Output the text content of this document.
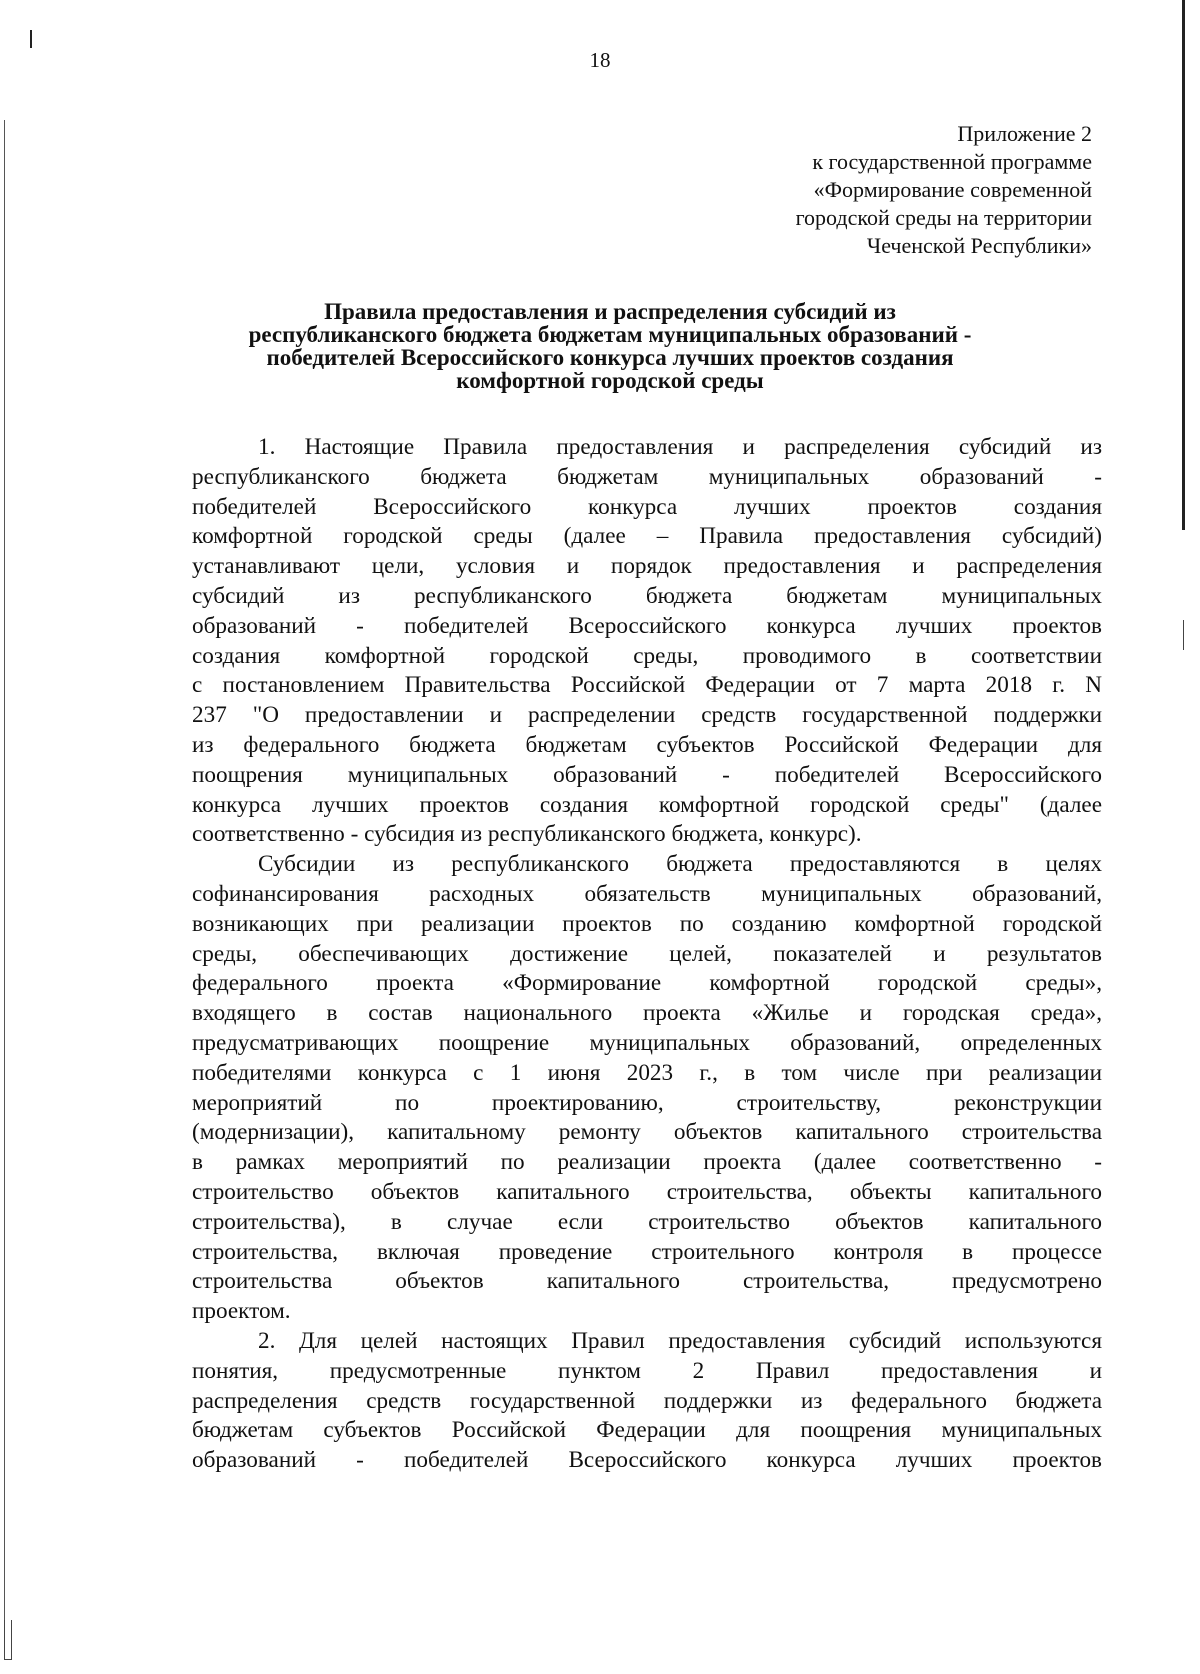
18
Приложение 2
к государственной программе
«Формирование современной
городской среды на территории
Чеченской Республики»
Правила предоставления и распределения субсидий из
республиканского бюджета бюджетам муниципальных образований -
победителей Всероссийского конкурса лучших проектов создания
комфортной городской среды
1. Настоящие Правила предоставления и распределения субсидий из
республиканского бюджета бюджетам муниципальных образований -
победителей Всероссийского конкурса лучших проектов создания
комфортной городской среды (далее – Правила предоставления субсидий)
устанавливают цели, условия и порядок предоставления и распределения
субсидий из республиканского бюджета бюджетам муниципальных
образований - победителей Всероссийского конкурса лучших проектов
создания комфортной городской среды, проводимого в соответствии
с постановлением Правительства Российской Федерации от 7 марта 2018 г. N
237 "О предоставлении и распределении средств государственной поддержки
из федерального бюджета бюджетам субъектов Российской Федерации для
поощрения муниципальных образований - победителей Всероссийского
конкурса лучших проектов создания комфортной городской среды" (далее
соответственно - субсидия из республиканского бюджета, конкурс).
Субсидии из республиканского бюджета предоставляются в целях
софинансирования расходных обязательств муниципальных образований,
возникающих при реализации проектов по созданию комфортной городской
среды, обеспечивающих достижение целей, показателей и результатов
федерального проекта «Формирование комфортной городской среды»,
входящего в состав национального проекта «Жилье и городская среда»,
предусматривающих поощрение муниципальных образований, определенных
победителями конкурса с 1 июня 2023 г., в том числе при реализации
мероприятий по проектированию, строительству, реконструкции
(модернизации), капитальному ремонту объектов капитального строительства
в рамках мероприятий по реализации проекта (далее соответственно -
строительство объектов капитального строительства, объекты капитального
строительства), в случае если строительство объектов капитального
строительства, включая проведение строительного контроля в процессе
строительства объектов капитального строительства, предусмотрено
проектом.
2. Для целей настоящих Правил предоставления субсидий используются
понятия, предусмотренные пунктом 2 Правил предоставления и
распределения средств государственной поддержки из федерального бюджета
бюджетам субъектов Российской Федерации для поощрения муниципальных
образований - победителей Всероссийского конкурса лучших проектов
